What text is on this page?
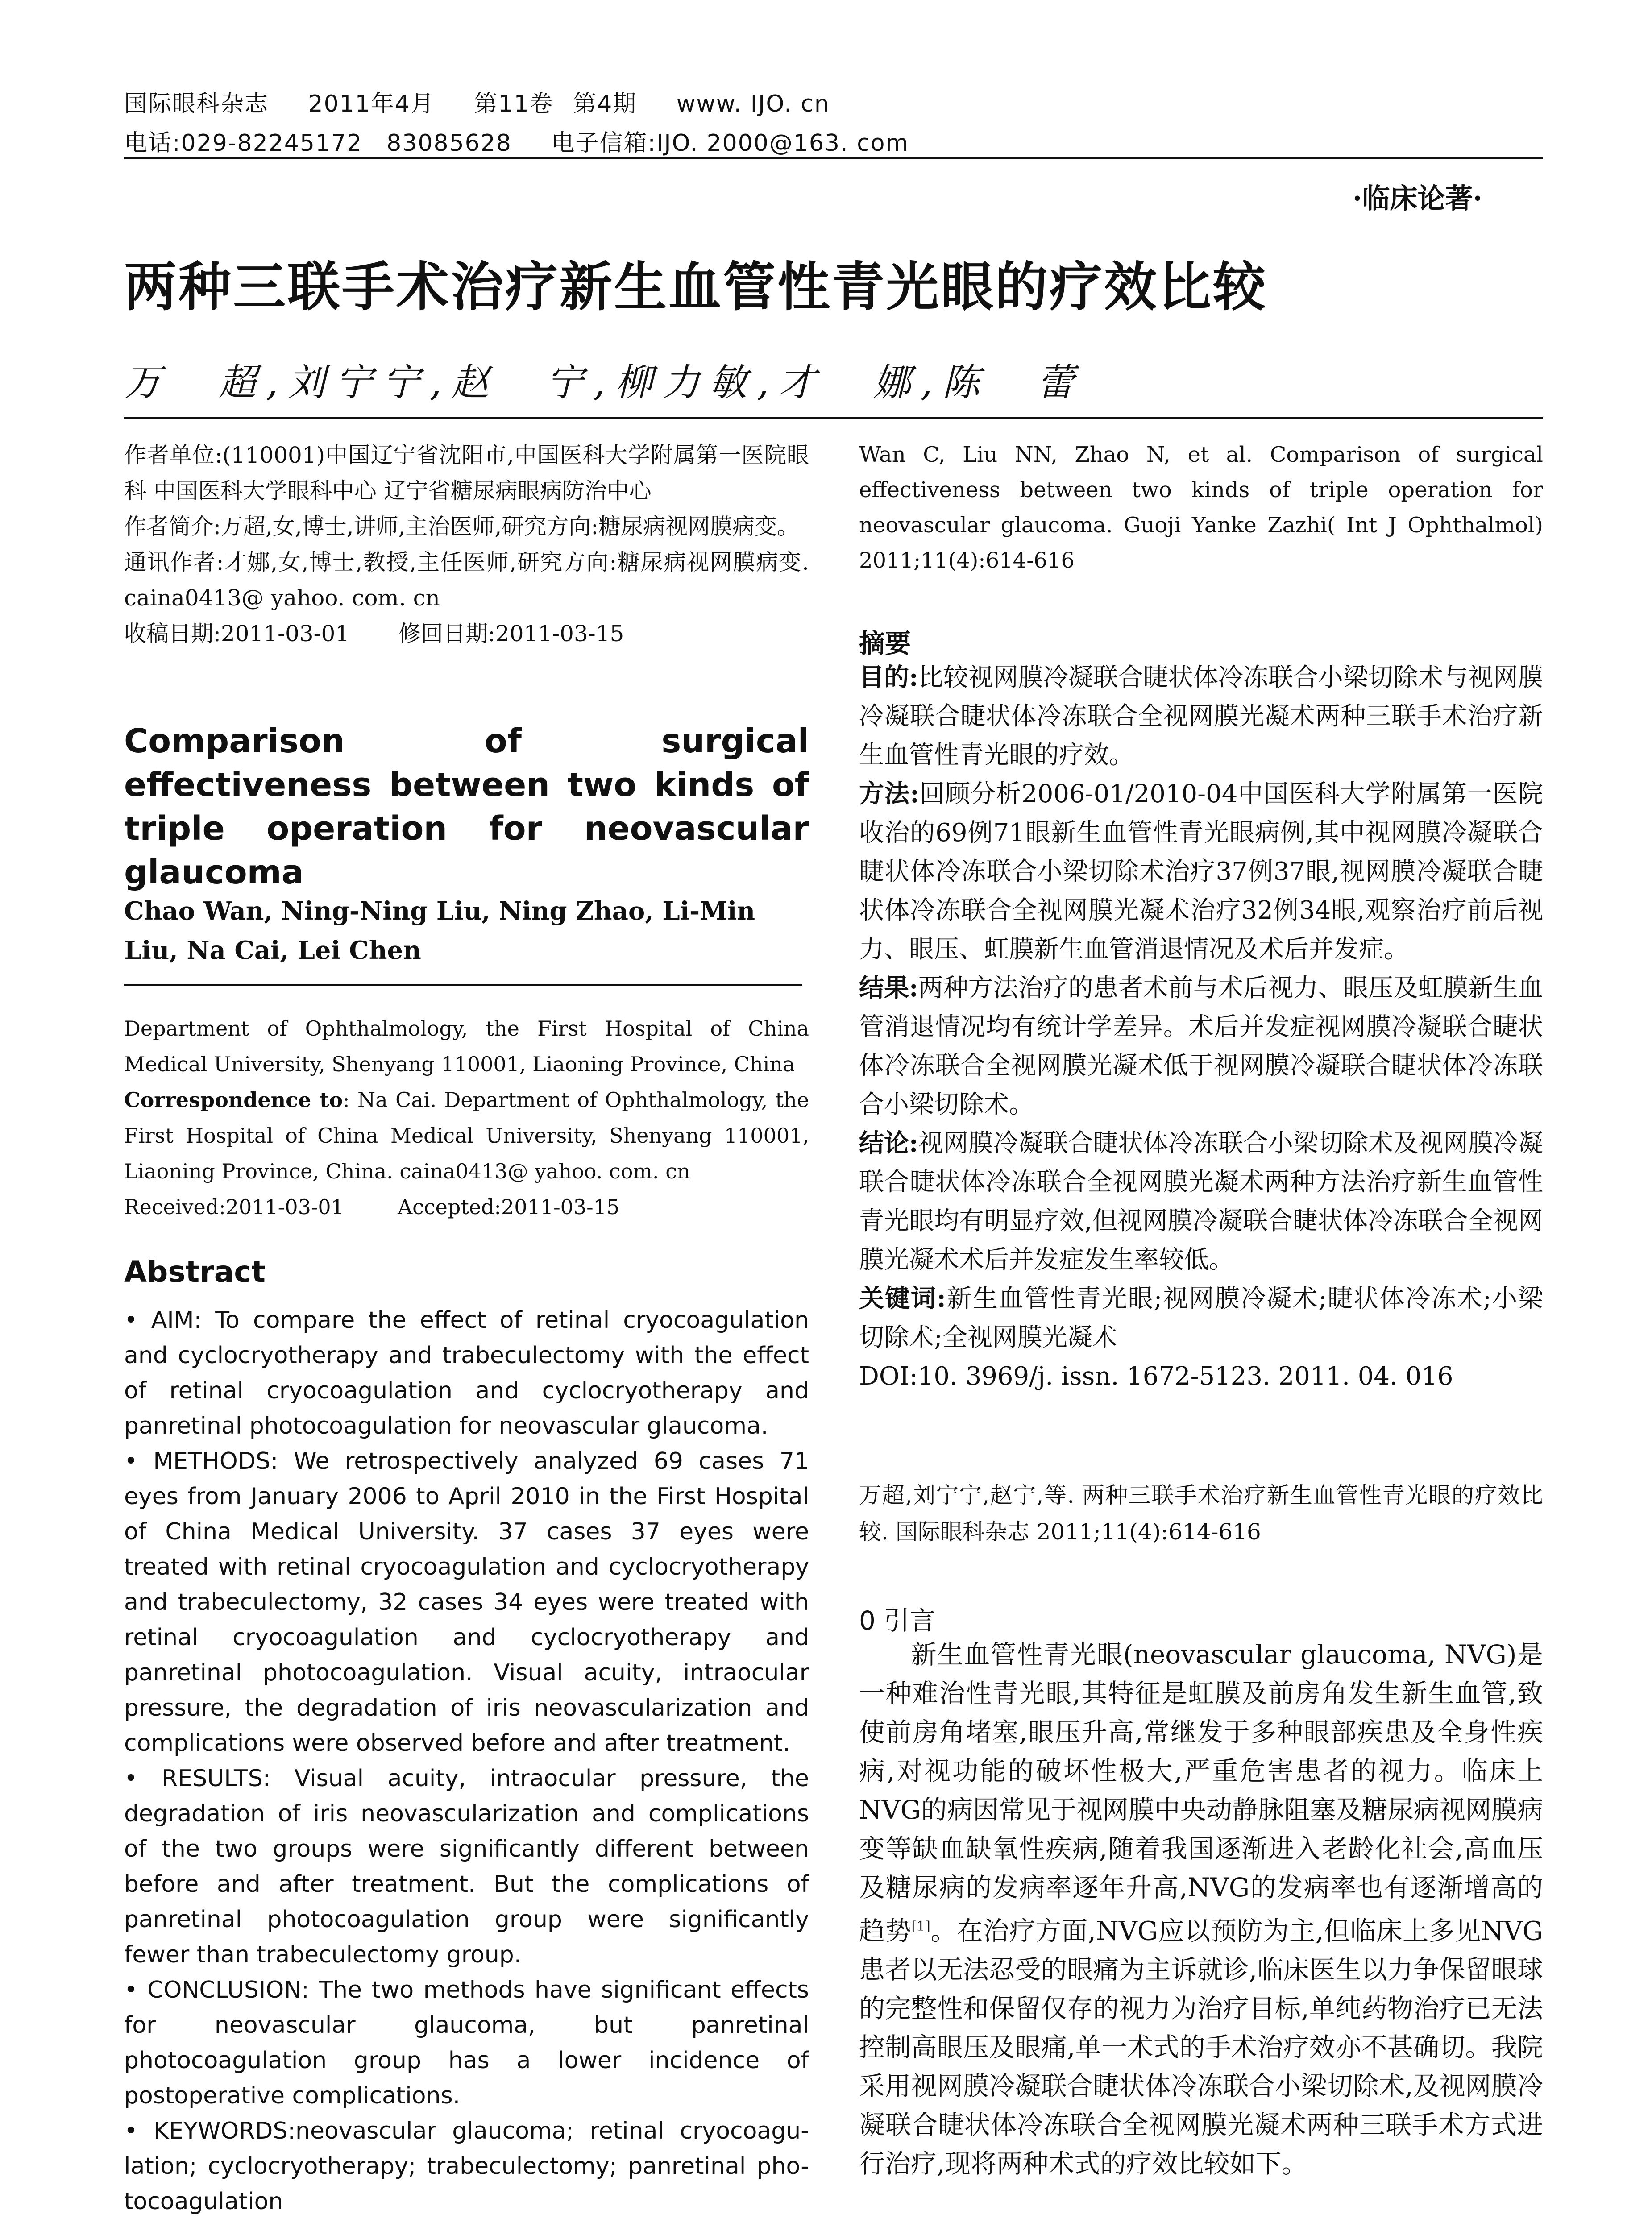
国际眼科杂志 2011年4月 第11卷 第4期 www. IJO. cn
电话:029-82245172　83085628 电子信箱:IJO. 2000@163. com
·临床论著·
两种三联手术治疗新生血管性青光眼的疗效比较
万　超,刘宁宁,赵　宁,柳力敏,才　娜,陈　蕾
作者单位:(110001)中国辽宁省沈阳市,中国医科大学附属第一医院眼科 中国医科大学眼科中心 辽宁省糖尿病眼病防治中心
作者简介:万超,女,博士,讲师,主治医师,研究方向:糖尿病视网膜病变。
通讯作者:才娜,女,博士,教授,主任医师,研究方向:糖尿病视网膜病变. caina0413@ yahoo. com. cn
收稿日期:2011-03-01 修回日期:2011-03-15
Comparison of surgical effectiveness between two kinds of triple operation for neovascular glaucoma
Chao Wan, Ning-Ning Liu, Ning Zhao, Li-Min Liu, Na Cai, Lei Chen
Department of Ophthalmology, the First Hospital of China Medical University, Shenyang 110001, Liaoning Province, China
Correspondence to: Na Cai. Department of Ophthalmology, the First Hospital of China Medical University, Shenyang 110001, Liaoning Province, China. caina0413@ yahoo. com. cn
Received:2011-03-01	Accepted:2011-03-15
Abstract

• AIM: To compare the effect of retinal cryocoagulation and cyclocryotherapy and trabeculectomy with the effect of retinal cryocoagulation and cyclocryotherapy and panretinal photocoagulation for neovascular glaucoma.

• METHODS: We retrospectively analyzed 69 cases 71 eyes from January 2006 to April 2010 in the First Hospital of China Medical University. 37 cases 37 eyes were treated with retinal cryocoagulation and cyclocryotherapy and trabeculectomy, 32 cases 34 eyes were treated with retinal cryocoagulation and cyclocryotherapy and panretinal photocoagulation. Visual acuity, intraocular pressure, the degradation of iris neovascularization and complications were observed before and after treatment.

• RESULTS: Visual acuity, intraocular pressure, the degradation of iris neovascularization and complications of the two groups were significantly different between before and after treatment. But the complications of panretinal photocoagulation group were significantly fewer than trabeculectomy group.

• CONCLUSION: The two methods have significant effects for neovascular glaucoma, but panretinal photocoagulation group has a lower incidence of postoperative complications.

• KEYWORDS:neovascular glaucoma; retinal cryocoagu-lation; cyclocryotherapy; trabeculectomy; panretinal pho-tocoagulation

Wan C, Liu NN, Zhao N, et al. Comparison of surgical effectiveness between two kinds of triple operation for neovascular glaucoma. Guoji Yanke Zazhi( Int J Ophthalmol) 2011;11(4):614-616
摘要

目的:比较视网膜冷凝联合睫状体冷冻联合小梁切除术与视网膜冷凝联合睫状体冷冻联合全视网膜光凝术两种三联手术治疗新生血管性青光眼的疗效。

方法:回顾分析2006-01/2010-04中国医科大学附属第一医院收治的69例71眼新生血管性青光眼病例,其中视网膜冷凝联合睫状体冷冻联合小梁切除术治疗37例37眼,视网膜冷凝联合睫状体冷冻联合全视网膜光凝术治疗32例34眼,观察治疗前后视力、眼压、虹膜新生血管消退情况及术后并发症。

结果:两种方法治疗的患者术前与术后视力、眼压及虹膜新生血管消退情况均有统计学差异。术后并发症视网膜冷凝联合睫状体冷冻联合全视网膜光凝术低于视网膜冷凝联合睫状体冷冻联合小梁切除术。

结论:视网膜冷凝联合睫状体冷冻联合小梁切除术及视网膜冷凝联合睫状体冷冻联合全视网膜光凝术两种方法治疗新生血管性青光眼均有明显疗效,但视网膜冷凝联合睫状体冷冻联合全视网膜光凝术术后并发症发生率较低。

关键词:新生血管性青光眼;视网膜冷凝术;睫状体冷冻术;小梁切除术;全视网膜光凝术

DOI:10. 3969/j. issn. 1672-5123. 2011. 04. 016

万超,刘宁宁,赵宁,等. 两种三联手术治疗新生血管性青光眼的疗效比较. 国际眼科杂志 2011;11(4):614-616
0 引言
新生血管性青光眼(neovascular glaucoma, NVG)是一种难治性青光眼,其特征是虹膜及前房角发生新生血管,致使前房角堵塞,眼压升高,常继发于多种眼部疾患及全身性疾病,对视功能的破坏性极大,严重危害患者的视力。临床上NVG的病因常见于视网膜中央动静脉阻塞及糖尿病视网膜病变等缺血缺氧性疾病,随着我国逐渐进入老龄化社会,高血压及糖尿病的发病率逐年升高,NVG的发病率也有逐渐增高的趋势[1]。在治疗方面,NVG应以预防为主,但临床上多见NVG患者以无法忍受的眼痛为主诉就诊,临床医生以力争保留眼球的完整性和保留仅存的视力为治疗目标,单纯药物治疗已无法控制高眼压及眼痛,单一术式的手术治疗效亦不甚确切。我院采用视网膜冷凝联合睫状体冷冻联合小梁切除术,及视网膜冷凝联合睫状体冷冻联合全视网膜光凝术两种三联手术方式进行治疗,现将两种术式的疗效比较如下。
